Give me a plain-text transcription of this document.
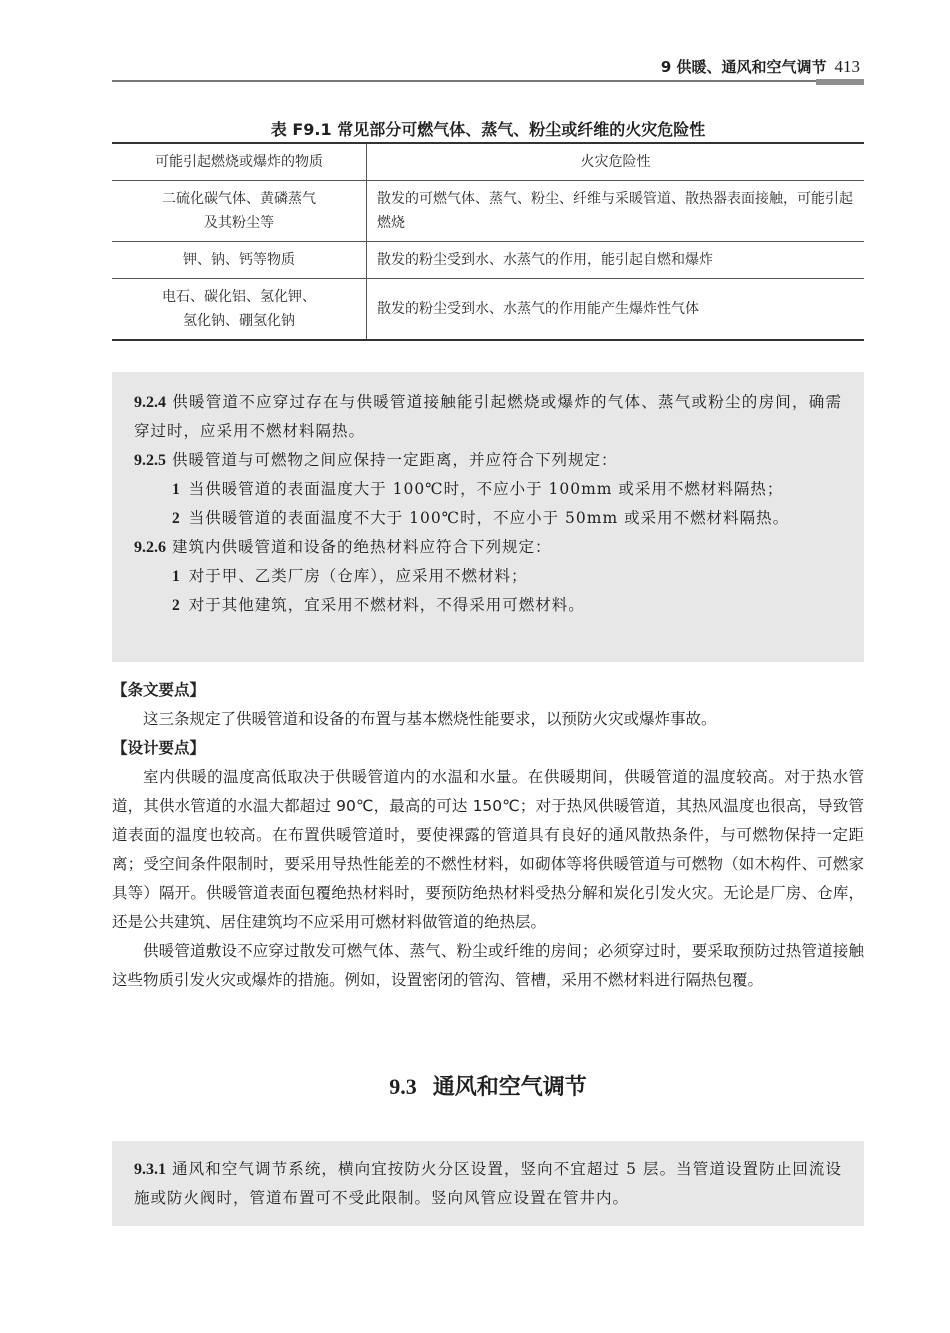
9 供暖、通风和空气调节 413
表 F9.1 常见部分可燃气体、蒸气、粉尘或纤维的火灾危险性
可能引起燃烧或爆炸的物质	火灾危险性
二硫化碳气体、黄磷蒸气
及其粉尘等	散发的可燃气体、蒸气、粉尘、纤维与采暖管道、散热器表面接触，可能引起燃烧
钾、钠、钙等物质	散发的粉尘受到水、水蒸气的作用，能引起自燃和爆炸
电石、碳化铝、氢化钾、
氢化钠、硼氢化钠	散发的粉尘受到水、水蒸气的作用能产生爆炸性气体

9.2.4 供暖管道不应穿过存在与供暖管道接触能引起燃烧或爆炸的气体、蒸气或粉尘的房间，确需穿过时，应采用不燃材料隔热。

9.2.5 供暖管道与可燃物之间应保持一定距离，并应符合下列规定：

1 当供暖管道的表面温度大于 100℃时，不应小于 100mm 或采用不燃材料隔热；

2 当供暖管道的表面温度不大于 100℃时，不应小于 50mm 或采用不燃材料隔热。

9.2.6 建筑内供暖管道和设备的绝热材料应符合下列规定：

1 对于甲、乙类厂房（仓库），应采用不燃材料；

2 对于其他建筑，宜采用不燃材料，不得采用可燃材料。

【条文要点】

这三条规定了供暖管道和设备的布置与基本燃烧性能要求，以预防火灾或爆炸事故。

【设计要点】

室内供暖的温度高低取决于供暖管道内的水温和水量。在供暖期间，供暖管道的温度较高。对于热水管道，其供水管道的水温大都超过 90℃，最高的可达 150℃；对于热风供暖管道，其热风温度也很高，导致管道表面的温度也较高。在布置供暖管道时，要使裸露的管道具有良好的通风散热条件，与可燃物保持一定距离；受空间条件限制时，要采用导热性能差的不燃性材料，如砌体等将供暖管道与可燃物（如木构件、可燃家具等）隔开。供暖管道表面包覆绝热材料时，要预防绝热材料受热分解和炭化引发火灾。无论是厂房、仓库，还是公共建筑、居住建筑均不应采用可燃材料做管道的绝热层。

供暖管道敷设不应穿过散发可燃气体、蒸气、粉尘或纤维的房间；必须穿过时，要采取预防过热管道接触这些物质引发火灾或爆炸的措施。例如，设置密闭的管沟、管槽，采用不燃材料进行隔热包覆。

9.3 通风和空气调节

9.3.1 通风和空气调节系统，横向宜按防火分区设置，竖向不宜超过 5 层。当管道设置防止回流设施或防火阀时，管道布置可不受此限制。竖向风管应设置在管井内。
